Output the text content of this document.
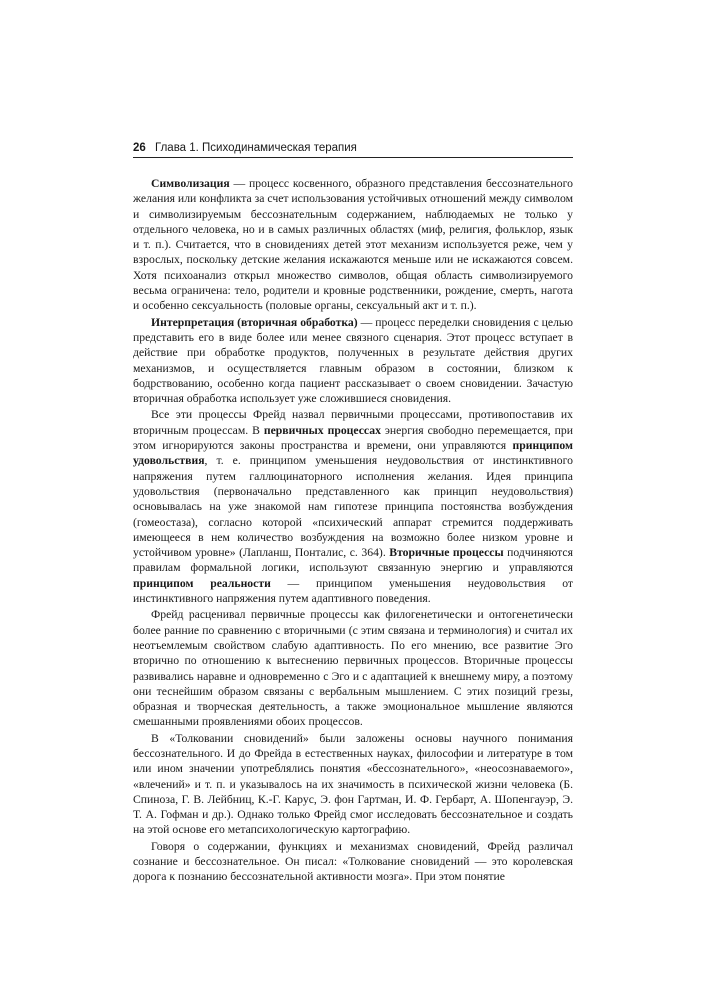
26 Глава 1. Психодинамическая терапия

Символизация — процесс косвенного, образного представления бессознательного желания или конфликта за счет использования устойчивых отношений между символом и символизируемым бессознательным содержанием, наблюдаемых не только у отдельного человека, но и в самых различных областях (миф, религия, фольклор, язык и т. п.). Считается, что в сновидениях детей этот механизм используется реже, чем у взрослых, поскольку детские желания искажаются меньше или не искажаются совсем. Хотя психоанализ открыл множество символов, общая область символизируемого весьма ограничена: тело, родители и кровные родственники, рождение, смерть, нагота и особенно сексуальность (половые органы, сексуальный акт и т. п.).

Интерпретация (вторичная обработка) — процесс переделки сновидения с целью представить его в виде более или менее связного сценария. Этот процесс вступает в действие при обработке продуктов, полученных в результате действия других механизмов, и осуществляется главным образом в состоянии, близком к бодрствованию, особенно когда пациент рассказывает о своем сновидении. Зачастую вторичная обработка использует уже сложившиеся сновидения.

Все эти процессы Фрейд назвал первичными процессами, противопоставив их вторичным процессам. В первичных процессах энергия свободно перемещается, при этом игнорируются законы пространства и времени, они управляются принципом удовольствия, т. е. принципом уменьшения неудовольствия от инстинктивного напряжения путем галлюцинаторного исполнения желания. Идея принципа удовольствия (первоначально представленного как принцип неудовольствия) основывалась на уже знакомой нам гипотезе принципа постоянства возбуждения (гомеостаза), согласно которой «психический аппарат стремится поддерживать имеющееся в нем количество возбуждения на возможно более низком уровне и устойчивом уровне» (Лапланш, Понталис, с. 364). Вторичные процессы подчиняются правилам формальной логики, используют связанную энергию и управляются принципом реальности — принципом уменьшения неудовольствия от инстинктивного напряжения путем адаптивного поведения.

Фрейд расценивал первичные процессы как филогенетически и онтогенетически более ранние по сравнению с вторичными (с этим связана и терминология) и считал их неотъемлемым свойством слабую адаптивность. По его мнению, все развитие Эго вторично по отношению к вытеснению первичных процессов. Вторичные процессы развивались наравне и одновременно с Эго и с адаптацией к внешнему миру, а поэтому они теснейшим образом связаны с вербальным мышлением. С этих позиций грезы, образная и творческая деятельность, а также эмоциональное мышление являются смешанными проявлениями обоих процессов.

В «Толковании сновидений» были заложены основы научного понимания бессознательного. И до Фрейда в естественных науках, философии и литературе в том или ином значении употреблялись понятия «бессознательного», «неосознаваемого», «влечений» и т. п. и указывалось на их значимость в психической жизни человека (Б. Спиноза, Г. В. Лейбниц, К.-Г. Карус, Э. фон Гартман, И. Ф. Гербарт, А. Шопенгауэр, Э. Т. А. Гофман и др.). Однако только Фрейд смог исследовать бессознательное и создать на этой основе его метапсихологическую картографию.

Говоря о содержании, функциях и механизмах сновидений, Фрейд различал сознание и бессознательное. Он писал: «Толкование сновидений — это королевская дорога к познанию бессознательной активности мозга». При этом понятие
